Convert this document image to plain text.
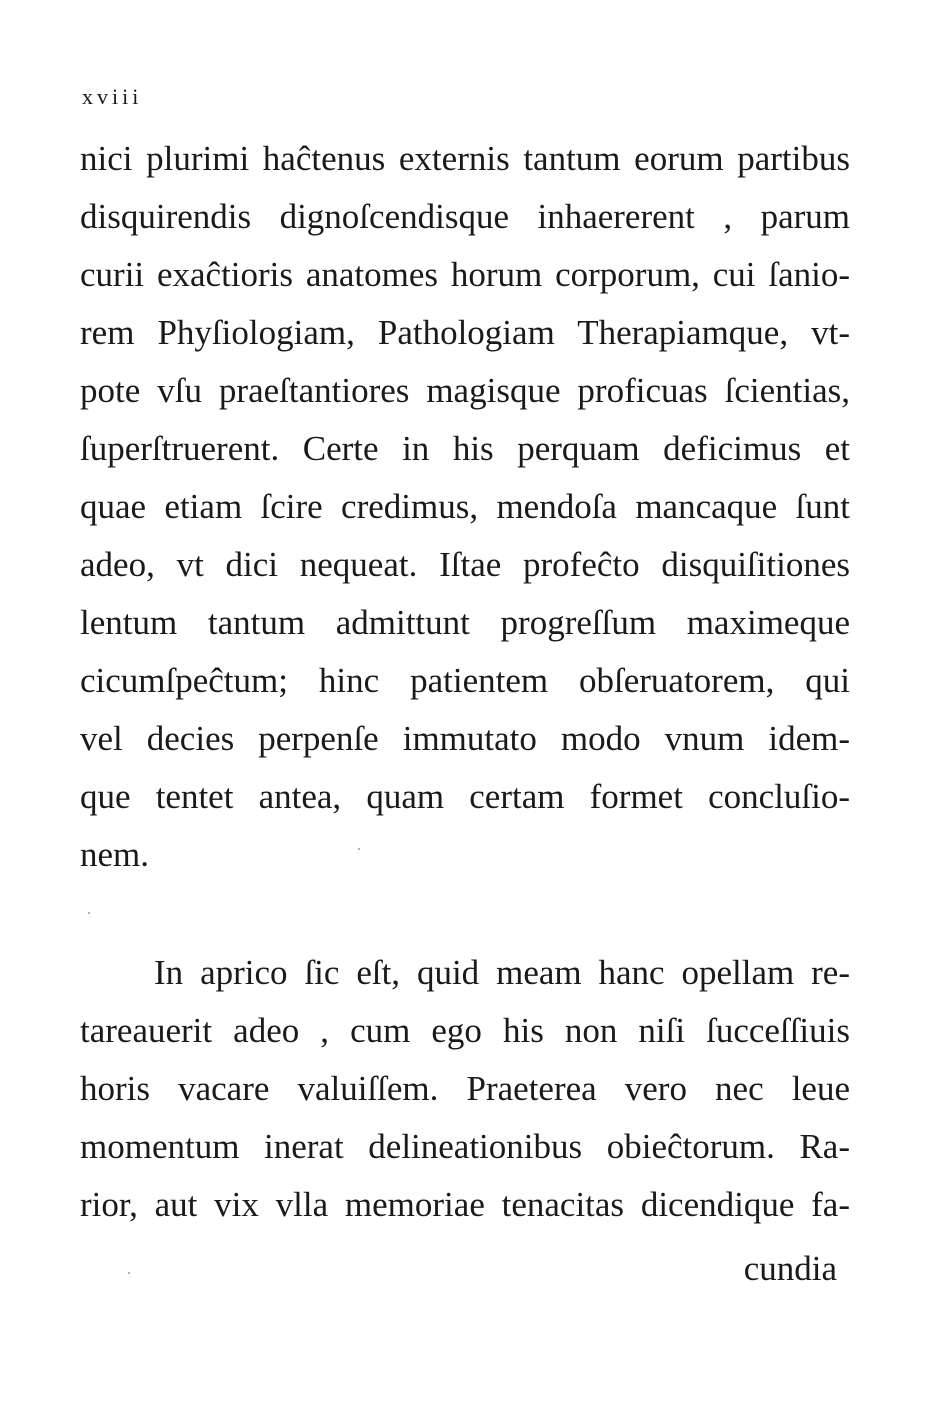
xviii
nici plurimi haĉtenus externis tantum eorum partibus
disquirendis dignoſcendisque inhaererent , parum
curii exaĉtioris anatomes horum corporum, cui ſanio-
rem Phyſiologiam, Pathologiam Therapiamque, vt-
pote vſu praeſtantiores magisque proficuas ſcientias,
ſuperſtruerent. Certe in his perquam deficimus et
quae etiam ſcire credimus, mendoſa mancaque ſunt
adeo, vt dici nequeat. Iſtae profeĉto disquiſitiones
lentum tantum admittunt progreſſum maximeque
cicumſpeĉtum; hinc patientem obſeruatorem, qui
vel decies perpenſe immutato modo vnum idem-
que tentet antea, quam certam formet concluſio-
nem.
In aprico ſic eſt, quid meam hanc opellam re-
tareauerit adeo , cum ego his non niſi ſucceſſiuis
horis vacare valuiſſem. Praeterea vero nec leue
momentum inerat delineationibus obieĉtorum. Ra-
rior, aut vix vlla memoriae tenacitas dicendique fa-
cundia
